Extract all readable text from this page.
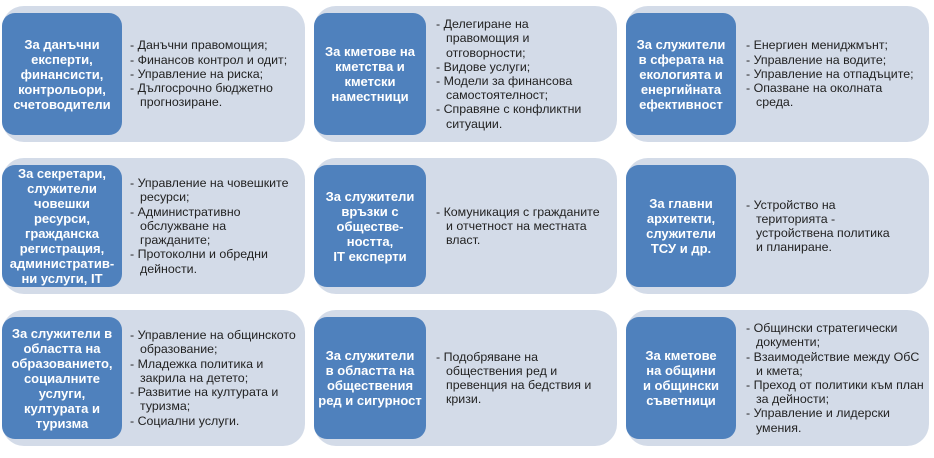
За данъчни
експерти,
финансисти,
контрольори,
счетоводители
- Данъчни правомощия;
- Финансов контрол и одит;
- Управление на риска;
- Дългосрочно бюджетно прогнозиране.
За кметове на
кметства и
кметски
наместници
- Делегиране на правомощия и отговорности;
- Видове услуги;
- Модели за финансова самостоятелност;
- Справяне с конфликтни ситуации.
За служители
в сферата на
екологията и
енергийната
ефективност
- Енергиен мениджмънт;
- Управление на водите;
- Управление на отпадъците;
- Опазване на околната среда.
За секретари,
служители
човешки
ресурси,
гражданска
регистрация,
административ-
ни услуги, IT
- Управление на човешките ресурси;
- Административно обслужване на гражданите;
- Протоколни и обредни дейности.
За служители
връзки с
обществе-
ността,
IT експерти
- Комуникация с гражданите и отчетност на местната власт.
За главни
архитекти,
служители
ТСУ и др.
- Устройство на територията - устройствена политика и планиране.
За служители в
областта на
образованието,
социалните
услуги,
културата и
туризма
- Управление на общинското образование;
- Младежка политика и закрила на детето;
- Развитие на културата и туризма;
- Социални услуги.
За служители
в областта на
обществения
ред и сигурност
- Подобряване на обществения ред и превенция на бедствия и кризи.
За кметове
на общини
и общински
съветници
- Общински стратегически документи;
- Взаимодействие между ОбС и кмета;
- Преход от политики към план за дейности;
- Управление и лидерски умения.
